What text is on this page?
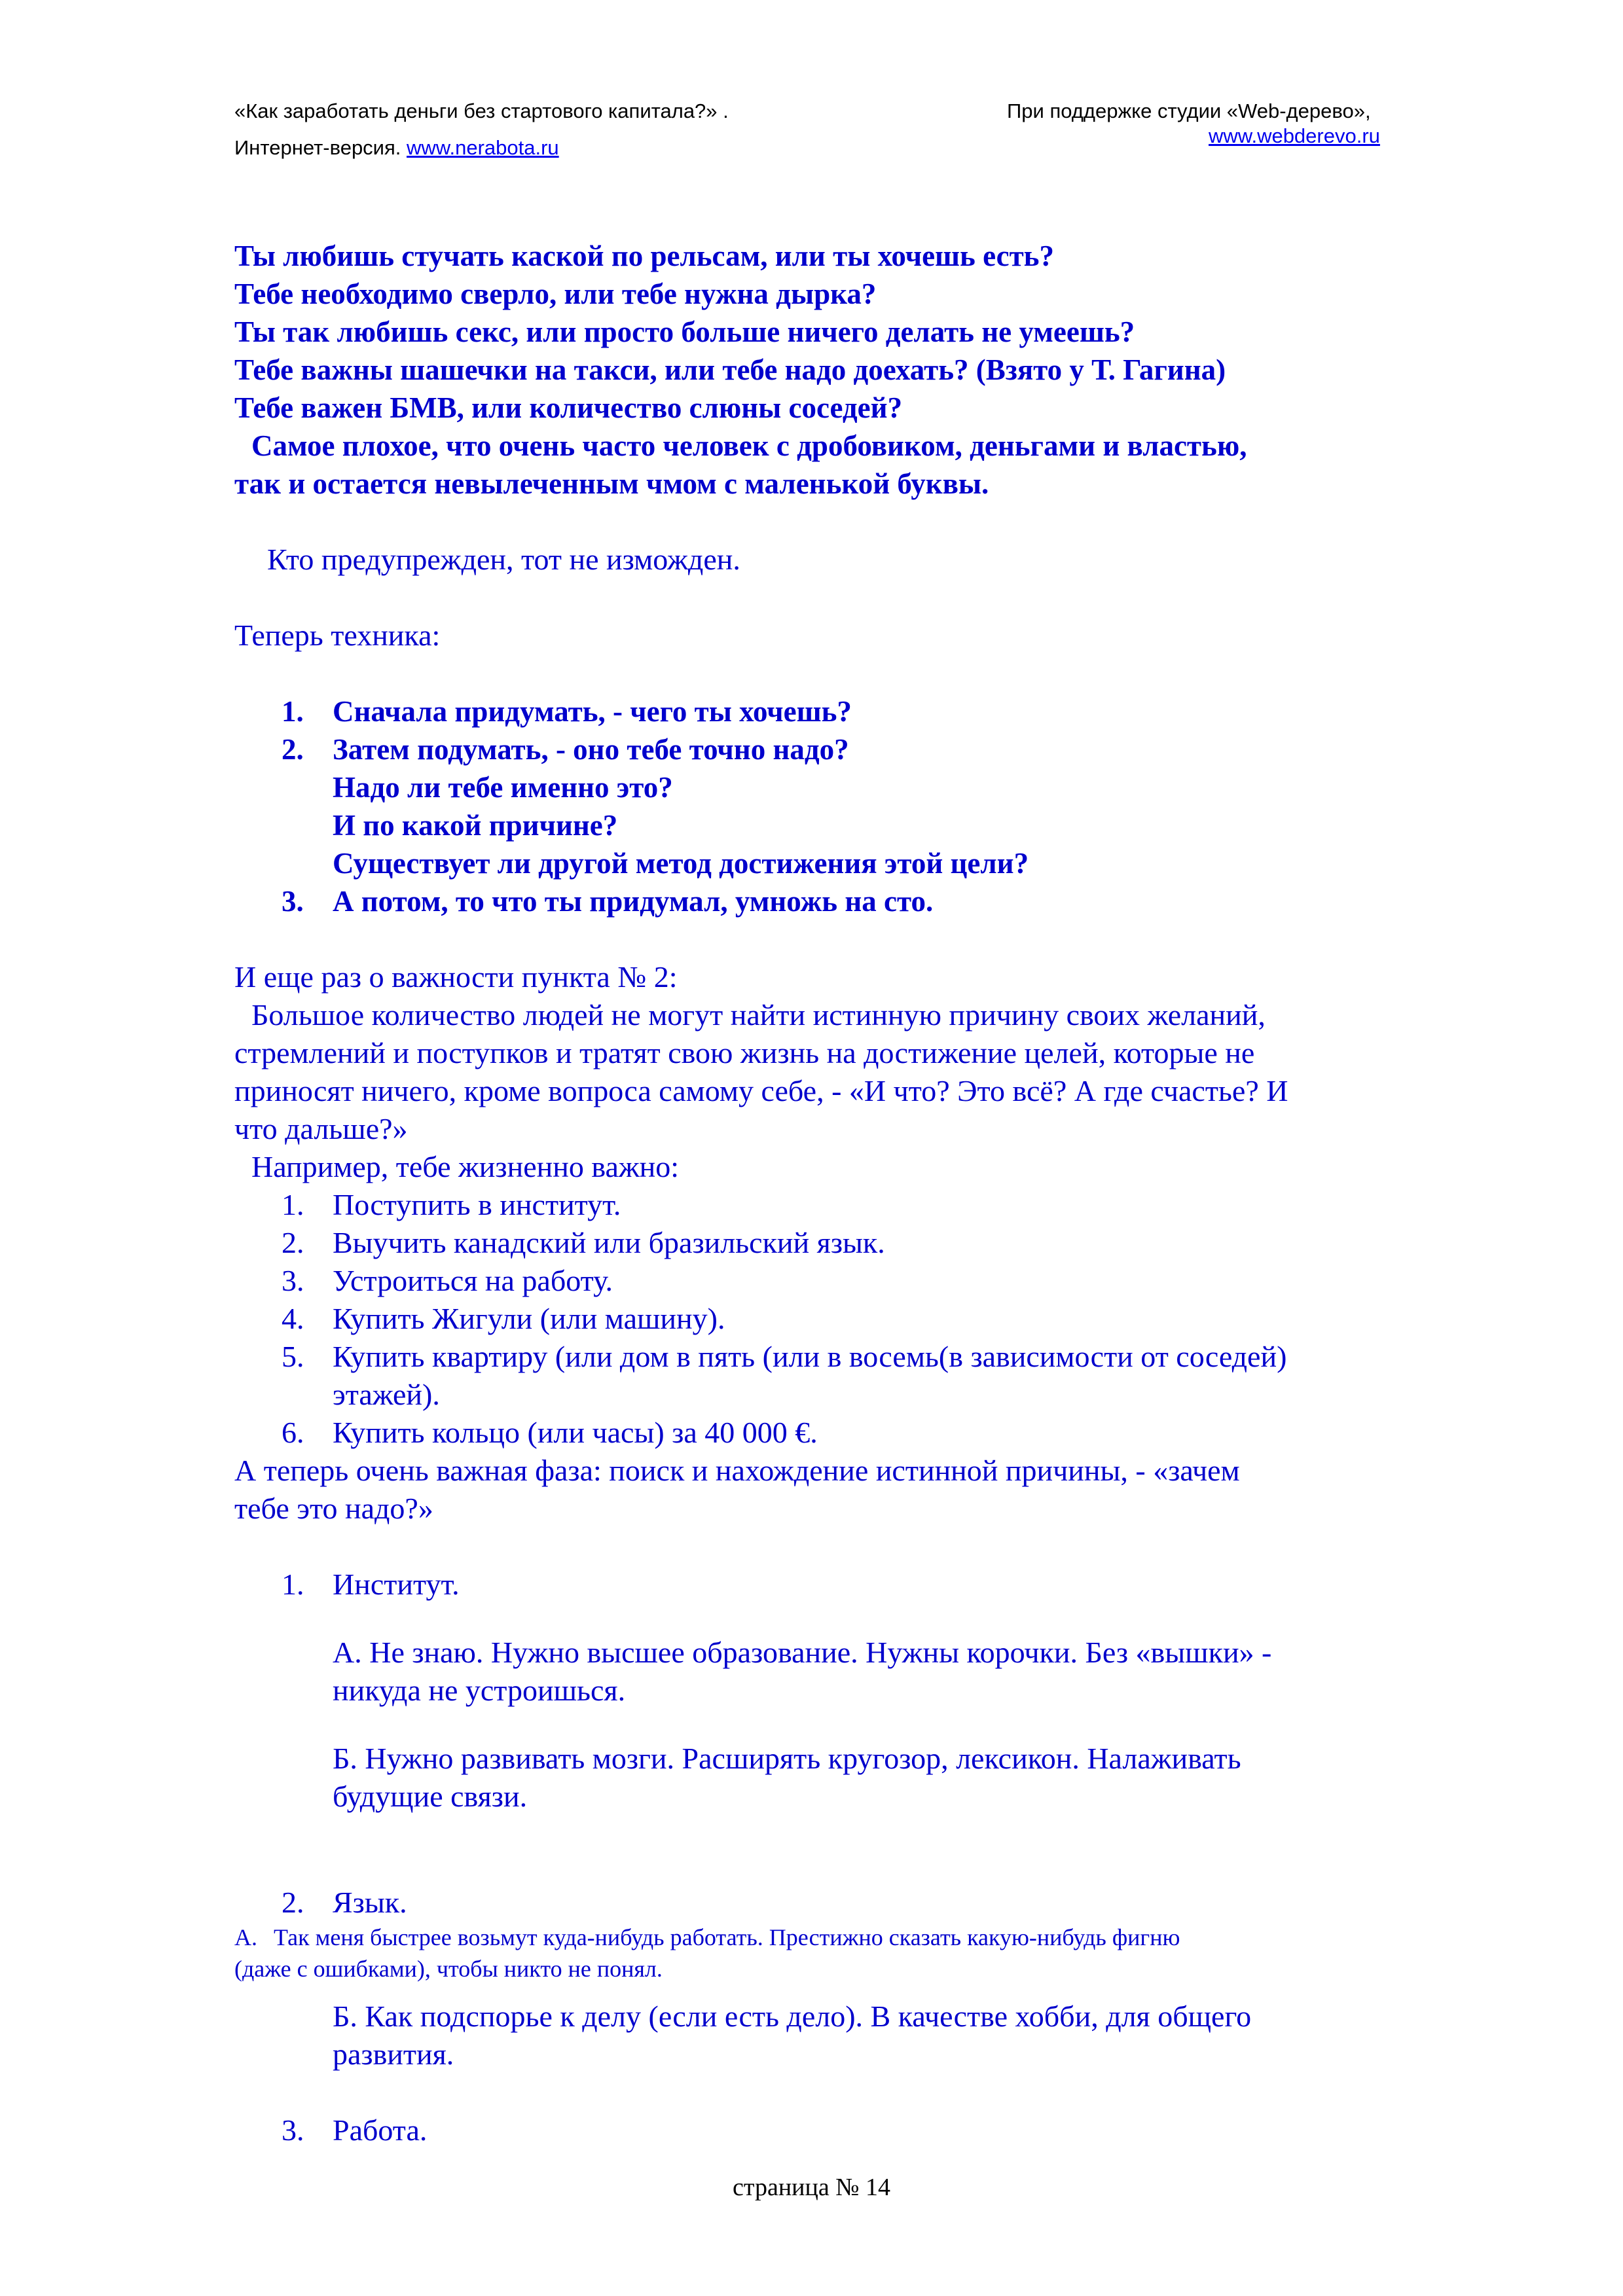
«Как заработать деньги без стартового капитала?» .
Интернет-версия. www.nerabota.ru
При поддержке студии «Web-дерево»,
www.webderevo.ru

Ты любишь стучать каской по рельсам, или ты хочешь есть?

Тебе необходимо сверло, или тебе нужна дырка?

Ты так любишь секс, или просто больше ничего делать не умеешь?

Тебе важны шашечки на такси, или тебе надо доехать? (Взято у Т. Гагина)

Тебе важен БМВ, или количество слюны соседей?

Самое плохое, что очень часто человек с дробовиком, деньгами и властью,

так и остается невылеченным чмом с маленькой буквы.

Кто предупрежден, тот не изможден.

Теперь техника:

1. Сначала придумать, - чего ты хочешь?
2. Затем подумать, - оно тебе точно надо?
Надо ли тебе именно это?
И по какой причине?
Существует ли другой метод достижения этой цели?
3. А потом, то что ты придумал, умножь на сто.

И еще раз о важности пункта № 2:

Большое количество людей не могут найти истинную причину своих желаний,

стремлений и поступков и тратят свою жизнь на достижение целей, которые не

приносят ничего, кроме вопроса самому себе, - «И что? Это всё? А где счастье? И

что дальше?»

Например, тебе жизненно важно:

1. Поступить в институт.
2. Выучить канадский или бразильский язык.
3. Устроиться на работу.
4. Купить Жигули (или машину).
5. Купить квартиру (или дом в пять (или в восемь(в зависимости от соседей)
этажей).
6. Купить кольцо (или часы) за 40 000 €.

А теперь очень важная фаза: поиск и нахождение истинной причины, - «зачем

тебе это надо?»

1. Институт.

А. Не знаю. Нужно высшее образование. Нужны корочки. Без «вышки» -
никуда не устроишься.

Б. Нужно развивать мозги. Расширять кругозор, лексикон. Налаживать
будущие связи.

2. Язык.

А. Так меня быстрее возьмут куда-нибудь работать. Престижно сказать какую-нибудь фигню
(даже с ошибками), чтобы никто не понял.

Б. Как подспорье к делу (если есть дело). В качестве хобби, для общего
развития.

3. Работа.
страница № 14
